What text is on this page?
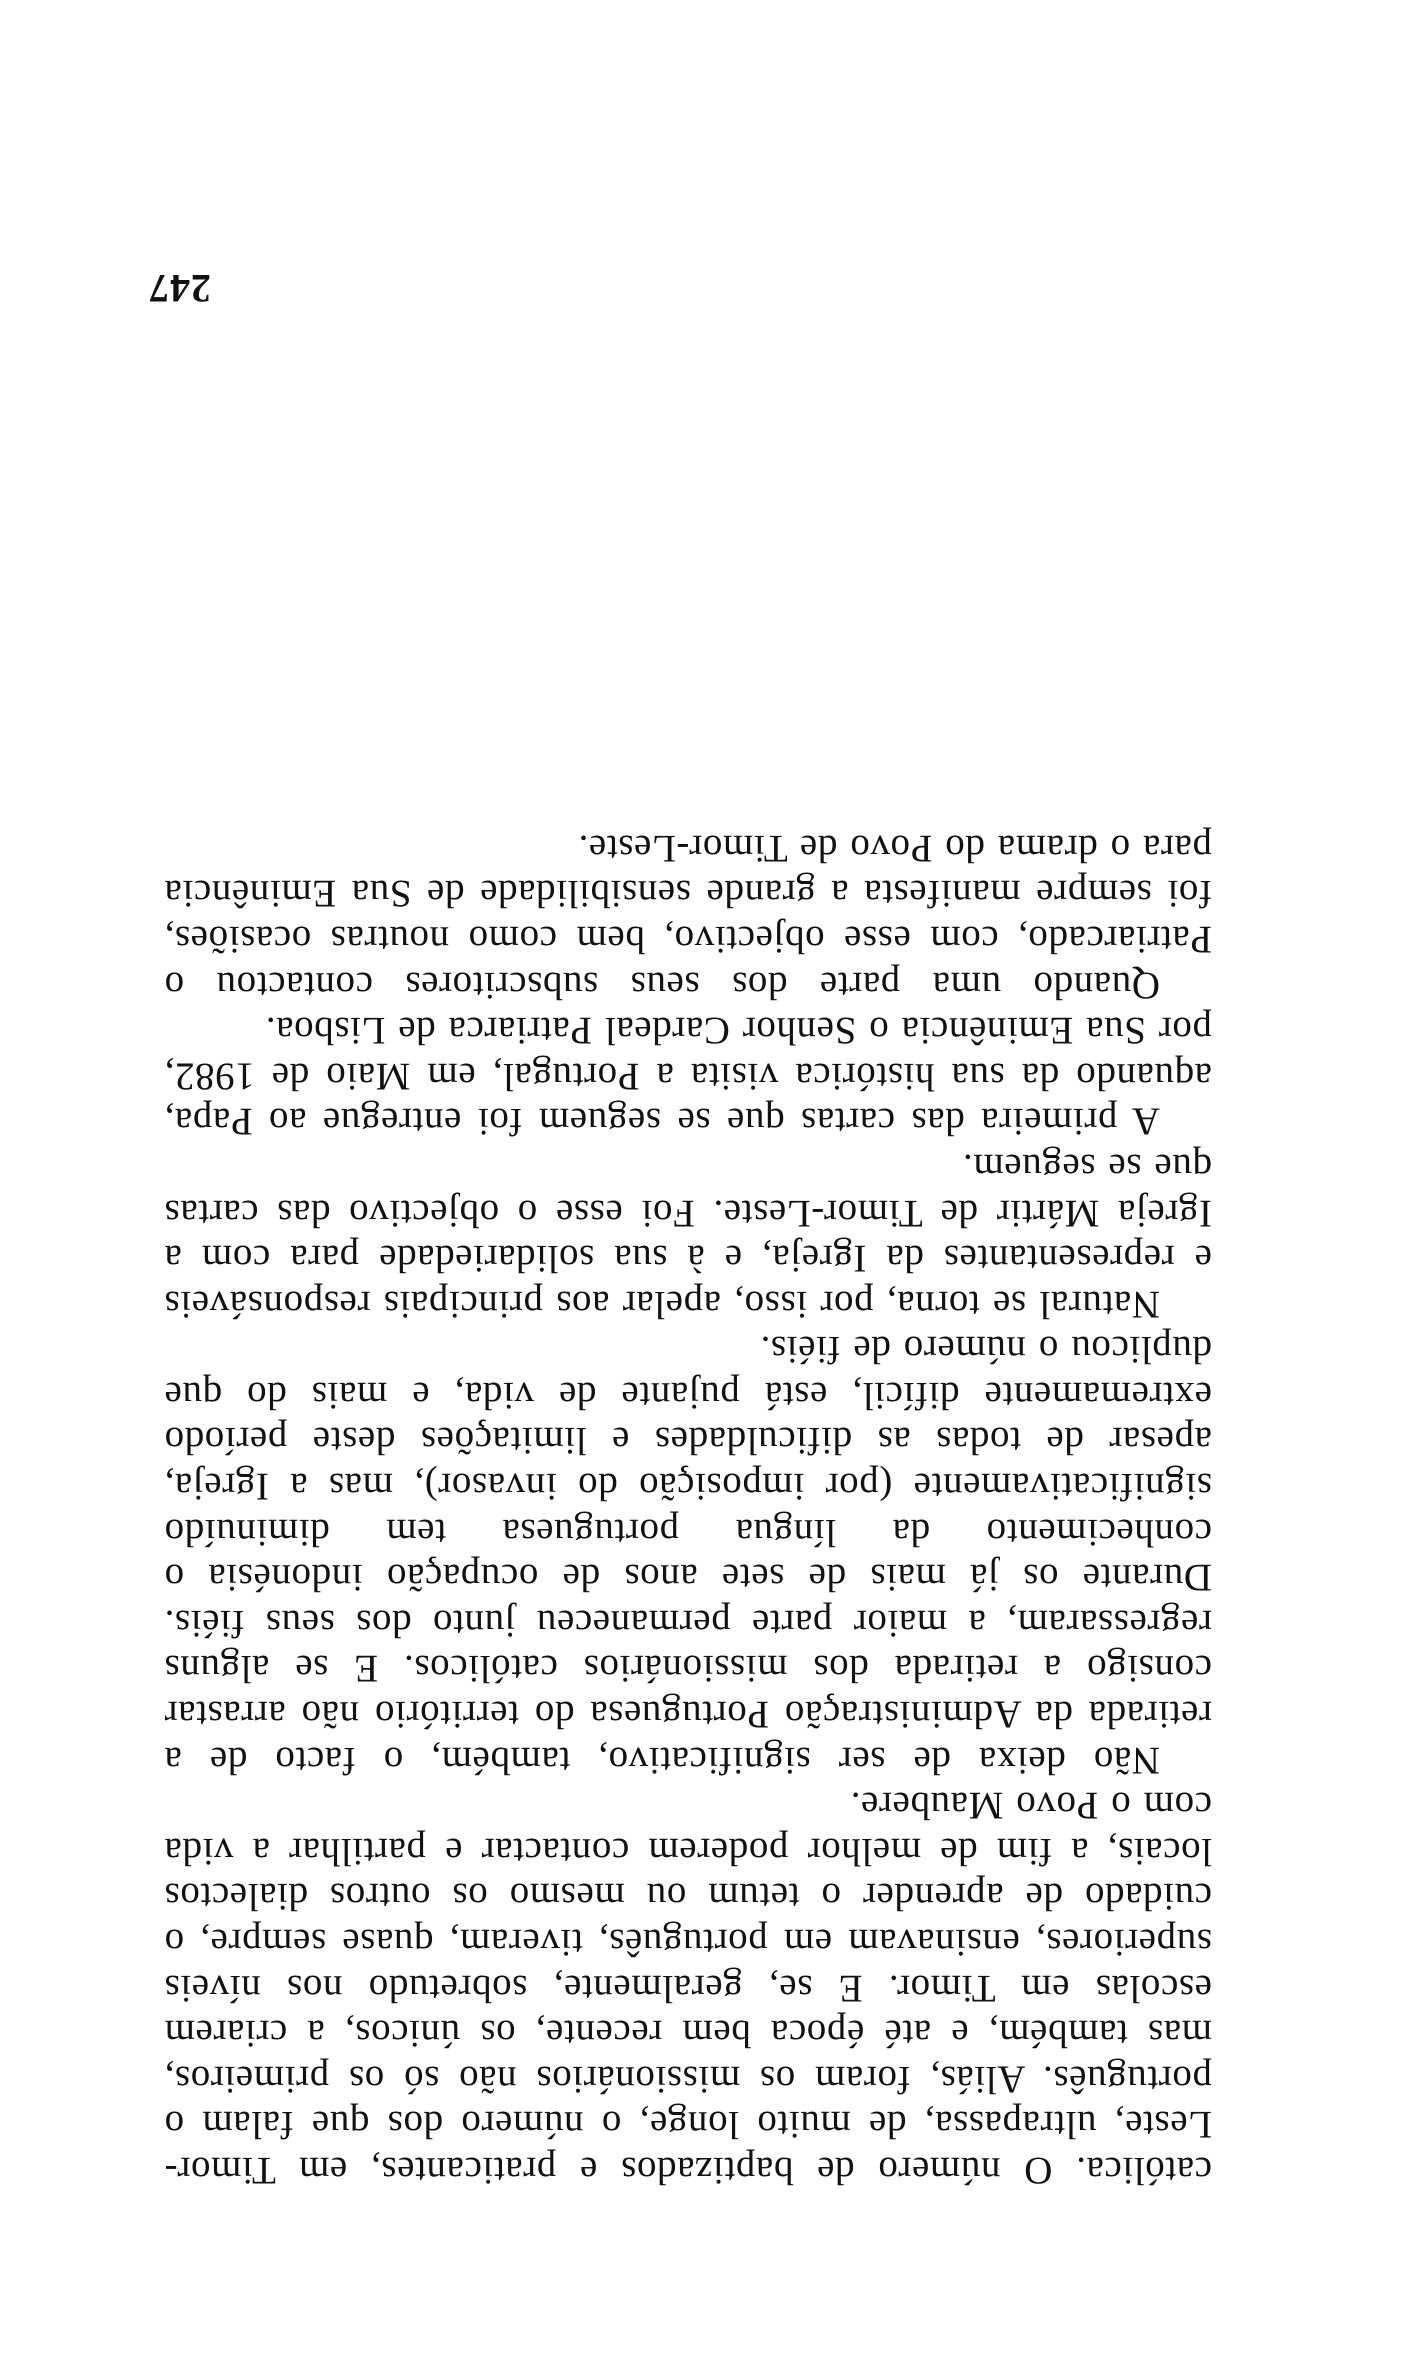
católica. O número de baptizados e praticantes, em Timor-Leste, ultrapassa, de muito longe, o número dos que falam o português. Aliás, foram os missionários não só os primeiros, mas também, e até época bem recente, os únicos, a criarem escolas em Timor. E se, geralmente, sobretudo nos níveis superiores, ensinavam em português, tiveram, quase sempre, o cuidado de aprender o tetum ou mesmo os outros dialectos locais, a fim de melhor poderem contactar e partilhar a vida com o Povo Maubere.

Não deixa de ser significativo, também, o facto de a retirada da Administração Portuguesa do território não arrastar consigo a retirada dos missionários católicos. E se alguns regressaram, a maior parte permaneceu junto dos seus fiéis. Durante os já mais de sete anos de ocupação indonésia o conhecimento da língua portuguesa tem diminuído significativamente (por imposição do invasor), mas a Igreja, apesar de todas as dificuldades e limitações deste período extremamente difícil, está pujante de vida, e mais do que duplicou o número de fiéis.

Natural se torna, por isso, apelar aos principais responsáveis e representantes da Igreja, e à sua solidariedade para com a Igreja Mártir de Timor-Leste. Foi esse o objectivo das cartas que se seguem.

A primeira das cartas que se seguem foi entregue ao Papa, aquando da sua histórica visita a Portugal, em Maio de 1982, por Sua Eminência o Senhor Cardeal Patriarca de Lisboa.

Quando uma parte dos seus subscritores contactou o Patriarcado, com esse objectivo, bem como noutras ocasiões, foi sempre manifesta a grande sensibilidade de Sua Eminência para o drama do Povo de Timor-Leste.

247
